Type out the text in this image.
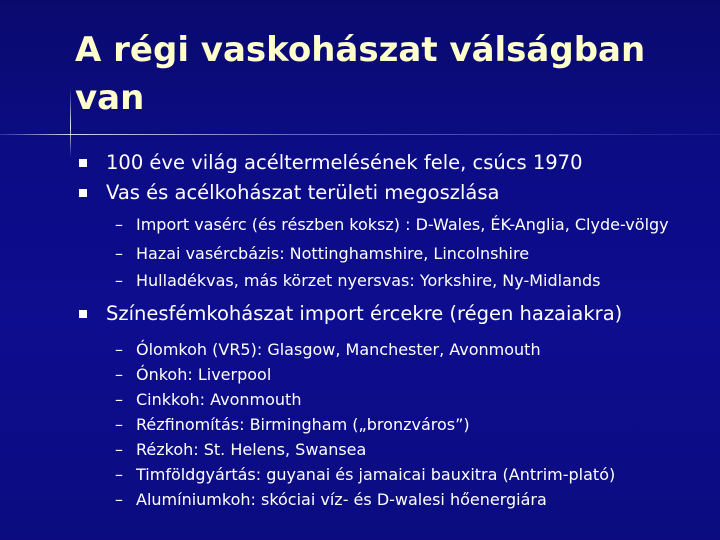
A régi vaskohászat válságban van
100 éve világ acéltermelésének fele, csúcs 1970
Vas és acélkohászat területi megoszlása
– Import vasérc (és részben koksz) : D-Wales, ÉK-Anglia, Clyde-völgy
– Hazai vasércbázis: Nottinghamshire, Lincolnshire
– Hulladékvas, más körzet nyersvas: Yorkshire, Ny-Midlands
Színesfémkohászat import ércekre (régen hazaiakra)
– Ólomkoh (VR5): Glasgow, Manchester, Avonmouth
– Ónkoh: Liverpool
– Cinkkoh: Avonmouth
– Rézfinomítás: Birmingham („bronzváros”)
– Rézkoh: St. Helens, Swansea
– Timföldgyártás: guyanai és jamaicai bauxitra (Antrim-plató)
– Alumíniumkoh: skóciai víz- és D-walesi hőenergiára
